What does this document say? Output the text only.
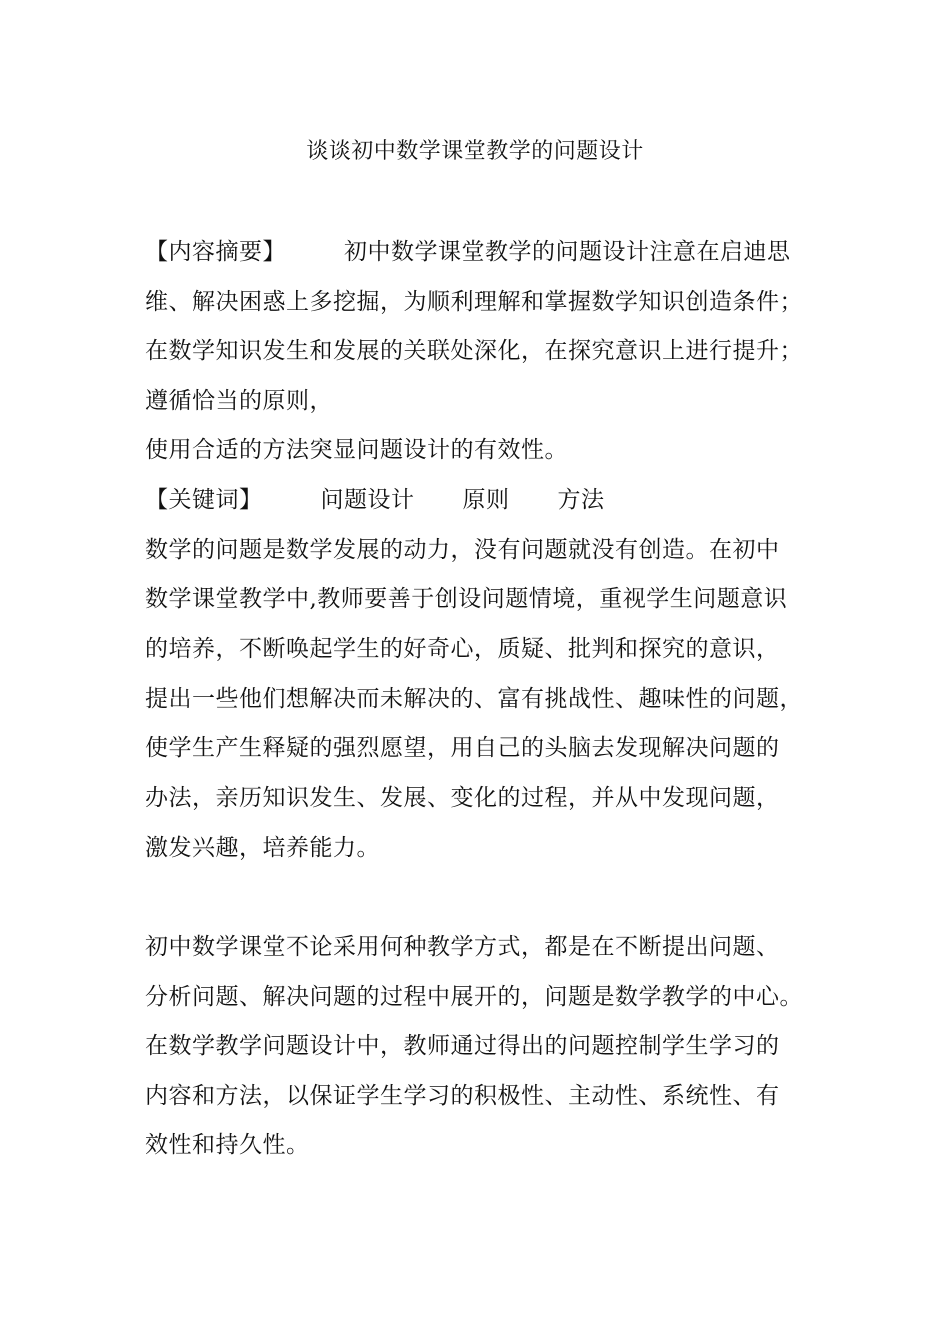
谈谈初中数学课堂教学的问题设计
【内容摘要】	初中数学课堂教学的问题设计注意在启迪思
维、解决困惑上多挖掘，为顺利理解和掌握数学知识创造条件；
在数学知识发生和发展的关联处深化，在探究意识上进行提升；
遵循恰当的原则，
使用合适的方法突显问题设计的有效性。
【关键词】	问题设计 原则 方法
数学的问题是数学发展的动力，没有问题就没有创造。在初中
数学课堂教学中,教师要善于创设问题情境，重视学生问题意识
的培养，不断唤起学生的好奇心，质疑、批判和探究的意识，
提出一些他们想解决而未解决的、富有挑战性、趣味性的问题，
使学生产生释疑的强烈愿望，用自己的头脑去发现解决问题的
办法，亲历知识发生、发展、变化的过程，并从中发现问题，
激发兴趣，培养能力。
初中数学课堂不论采用何种教学方式，都是在不断提出问题、
分析问题、解决问题的过程中展开的，问题是数学教学的中心。
在数学教学问题设计中，教师通过得出的问题控制学生学习的
内容和方法，以保证学生学习的积极性、主动性、系统性、有
效性和持久性。
